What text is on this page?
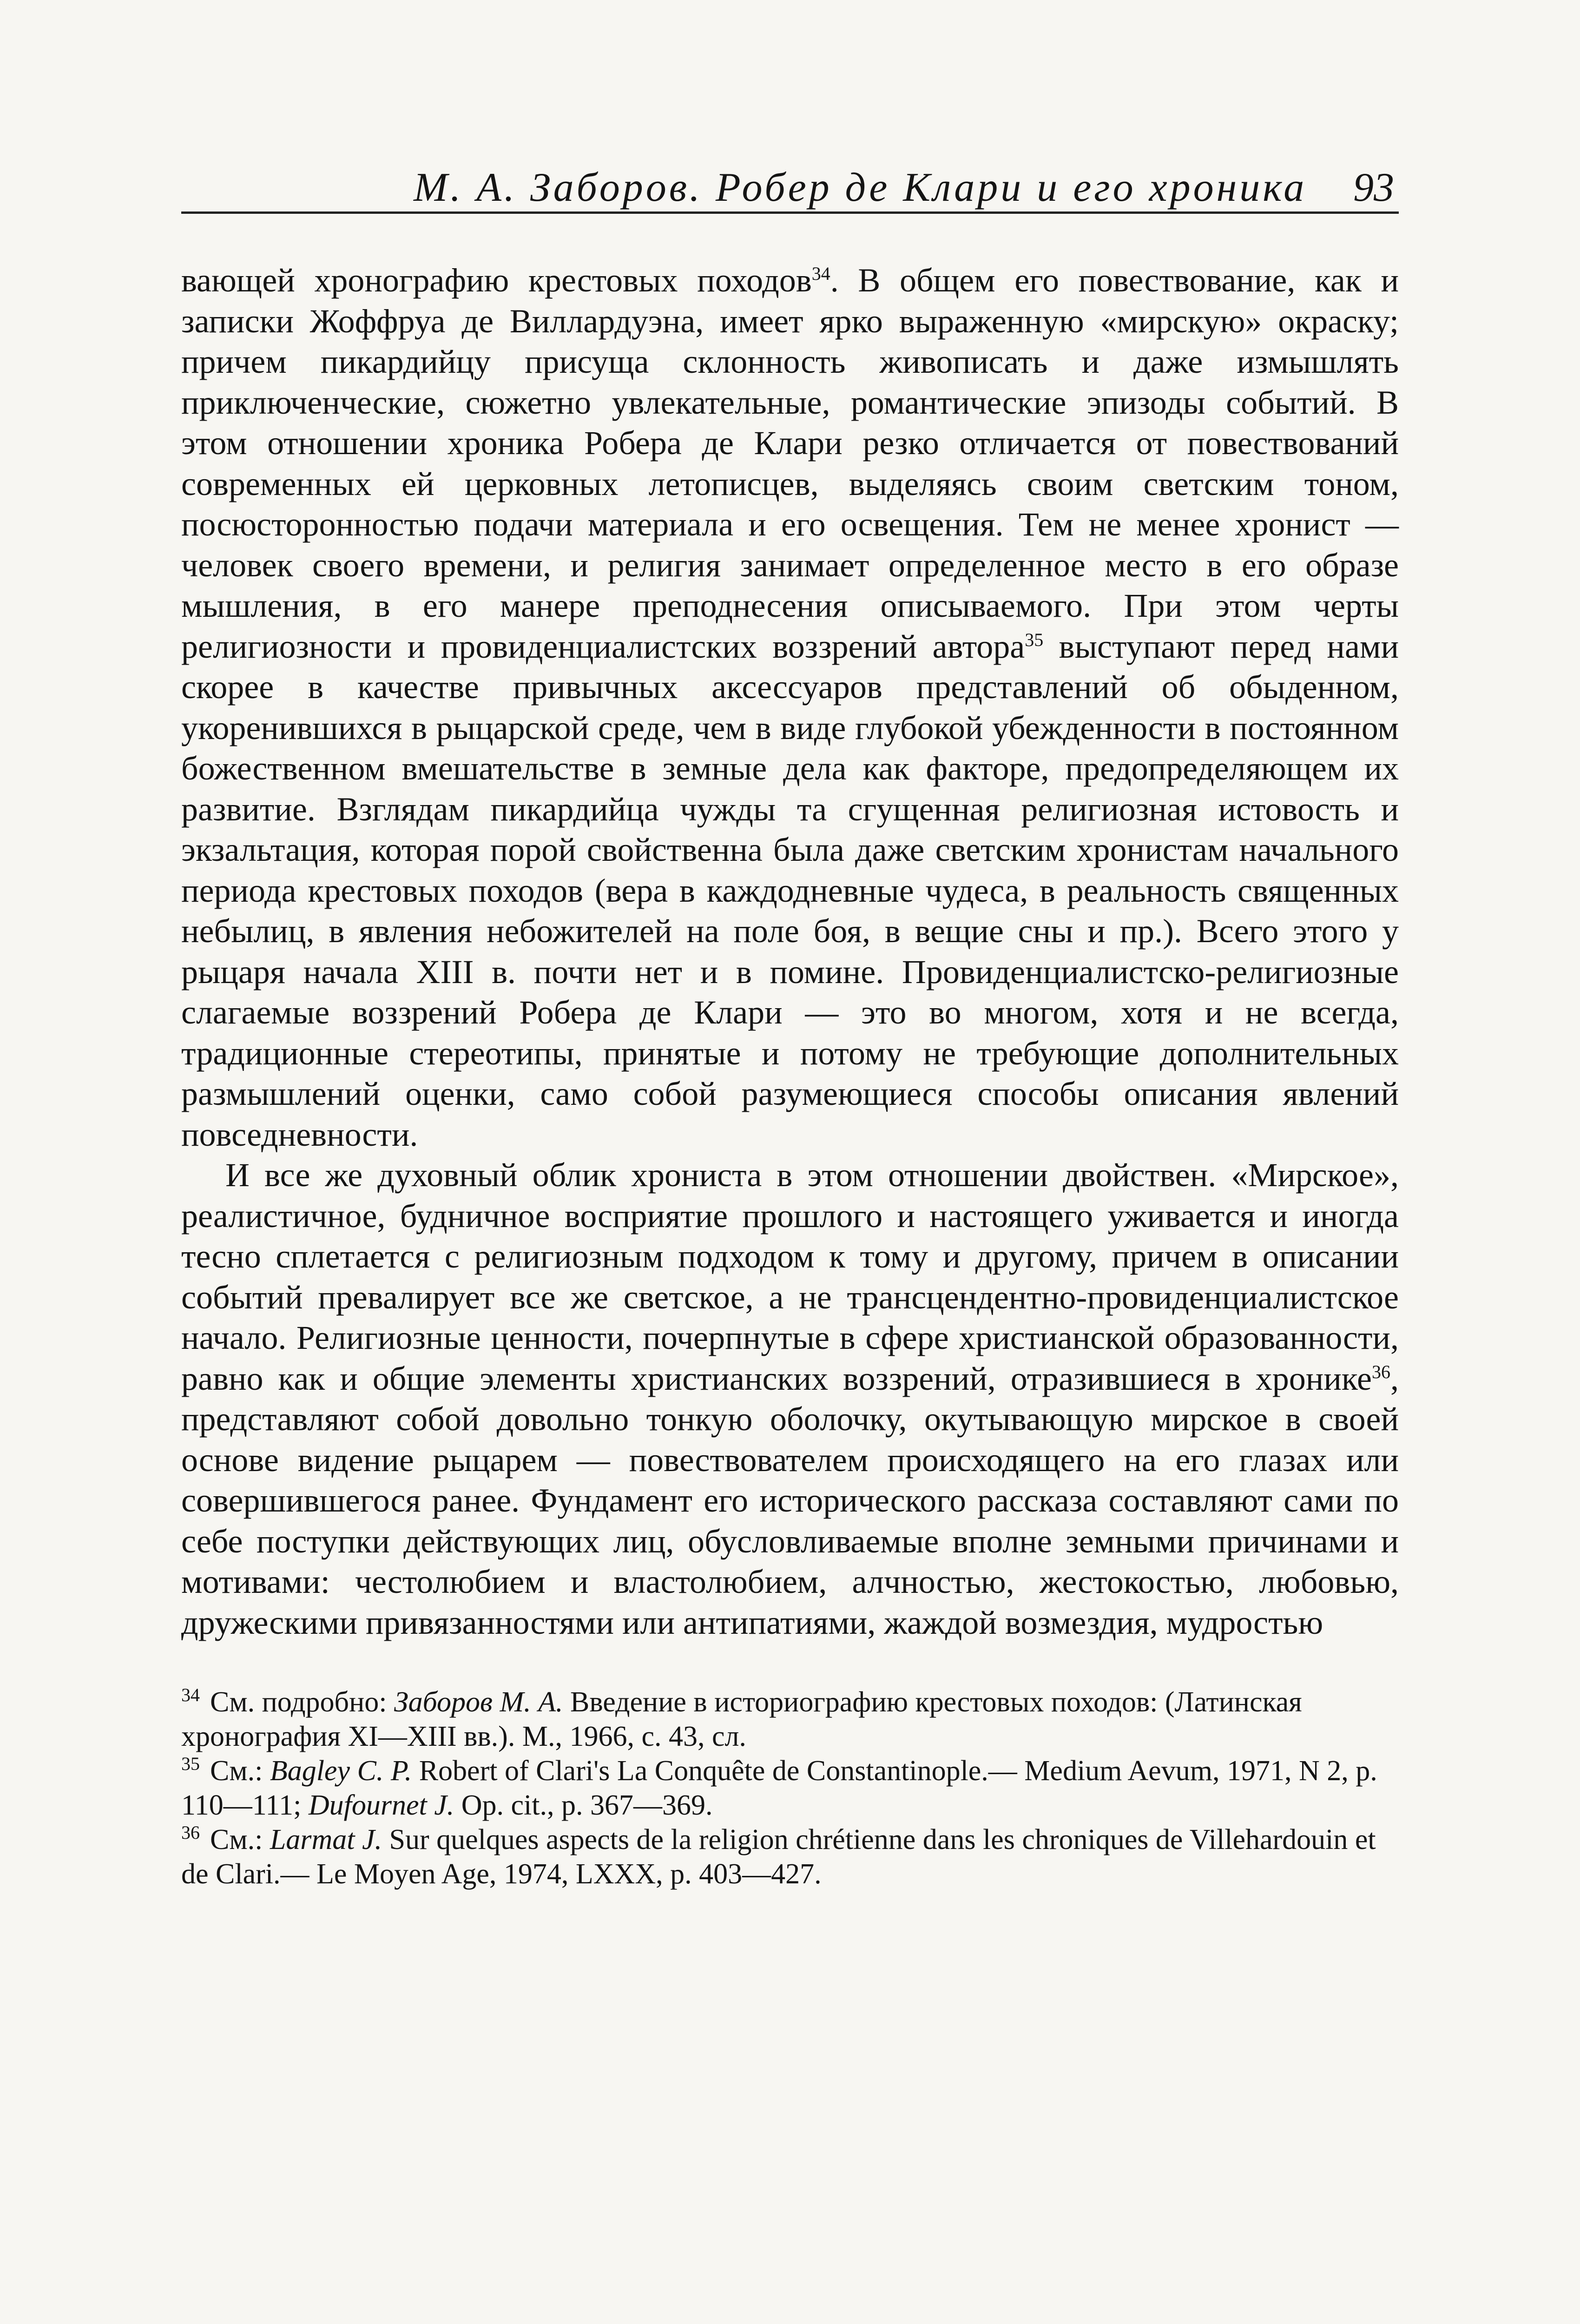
М. А. Заборов. Робер де Клари и его хроника 93

вающей хронографию крестовых походов$^{34}$. В общем его повествование, как и записки Жоффруа де Виллардуэна, имеет ярко выраженную «мирскую» окраску; причем пикардийцу присуща склонность живописать и даже измышлять приключенческие, сюжетно увлекательные, романтические эпизоды событий. В этом отношении хроника Робера де Клари резко отличается от повествований современных ей церковных летописцев, выделяясь своим светским тоном, посюсторонностью подачи материала и его освещения. Тем не менее хронист — человек своего времени, и религия занимает определенное место в его образе мышления, в его манере преподнесения описываемого. При этом черты религиозности и провиденциалистских воззрений автора$^{35}$ выступают перед нами скорее в качестве привычных аксессуаров представлений об обыденном, укоренившихся в рыцарской среде, чем в виде глубокой убежденности в постоянном божественном вмешательстве в земные дела как факторе, предопределяющем их развитие. Взглядам пикардийца чужды та сгущенная религиозная истовость и экзальтация, которая порой свойственна была даже светским хронистам начального периода крестовых походов (вера в каждодневные чудеса, в реальность священных небылиц, в явления небожителей на поле боя, в вещие сны и пр.). Всего этого у рыцаря начала XIII в. почти нет и в помине. Провиденциалистско-религиозные слагаемые воззрений Робера де Клари — это во многом, хотя и не всегда, традиционные стереотипы, принятые и потому не требующие дополнительных размышлений оценки, само собой разумеющиеся способы описания явлений повседневности.

И все же духовный облик хрониста в этом отношении двойствен. «Мирское», реалистичное, будничное восприятие прошлого и настоящего уживается и иногда тесно сплетается с религиозным подходом к тому и другому, причем в описании событий превалирует все же светское, а не трансцендентно-провиденциалистское начало. Религиозные ценности, почерпнутые в сфере христианской образованности, равно как и общие элементы христианских воззрений, отразившиеся в хронике$^{36}$, представляют собой довольно тонкую оболочку, окутывающую мирское в своей основе видение рыцарем — повествователем происходящего на его глазах или совершившегося ранее. Фундамент его исторического рассказа составляют сами по себе поступки действующих лиц, обусловливаемые вполне земными причинами и мотивами: честолюбием и властолюбием, алчностью, жестокостью, любовью, дружескими привязанностями или антипатиями, жаждой возмездия, мудростью

$^{34}$ См. подробно: Заборов М. А. Введение в историографию крестовых походов: (Латинская хронография XI—XIII вв.). М., 1966, с. 43, сл.

$^{35}$ См.: Bagley C. P. Robert of Clari's La Conquête de Constantinople.— Medium Aevum, 1971, N 2, p. 110—111; Dufournet J. Op. cit., p. 367—369.

$^{36}$ См.: Larmat J. Sur quelques aspects de la religion chrétienne dans les chroniques de Villehardouin et de Clari.— Le Moyen Age, 1974, LXXX, p. 403—427.
